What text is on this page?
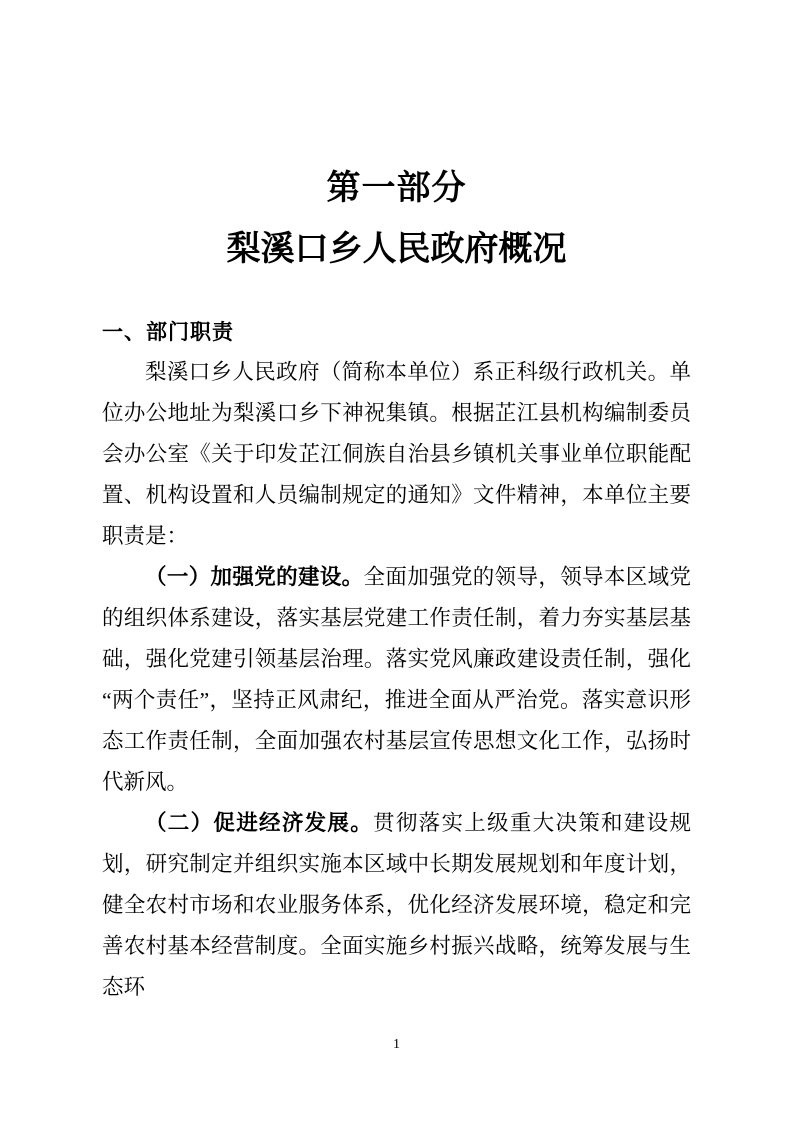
第一部分
梨溪口乡人民政府概况
一、部门职责

梨溪口乡人民政府（简称本单位）系正科级行政机关。单位办公地址为梨溪口乡下神祝集镇。根据芷江县机构编制委员会办公室《关于印发芷江侗族自治县乡镇机关事业单位职能配置、机构设置和人员编制规定的通知》文件精神，本单位主要职责是：

（一）加强党的建设。全面加强党的领导，领导本区域党的组织体系建设，落实基层党建工作责任制，着力夯实基层基础，强化党建引领基层治理。落实党风廉政建设责任制，强化“两个责任”，坚持正风肃纪，推进全面从严治党。落实意识形态工作责任制，全面加强农村基层宣传思想文化工作，弘扬时代新风。

（二）促进经济发展。贯彻落实上级重大决策和建设规划，研究制定并组织实施本区域中长期发展规划和年度计划，健全农村市场和农业服务体系，优化经济发展环境，稳定和完善农村基本经营制度。全面实施乡村振兴战略，统筹发展与生态环

1
